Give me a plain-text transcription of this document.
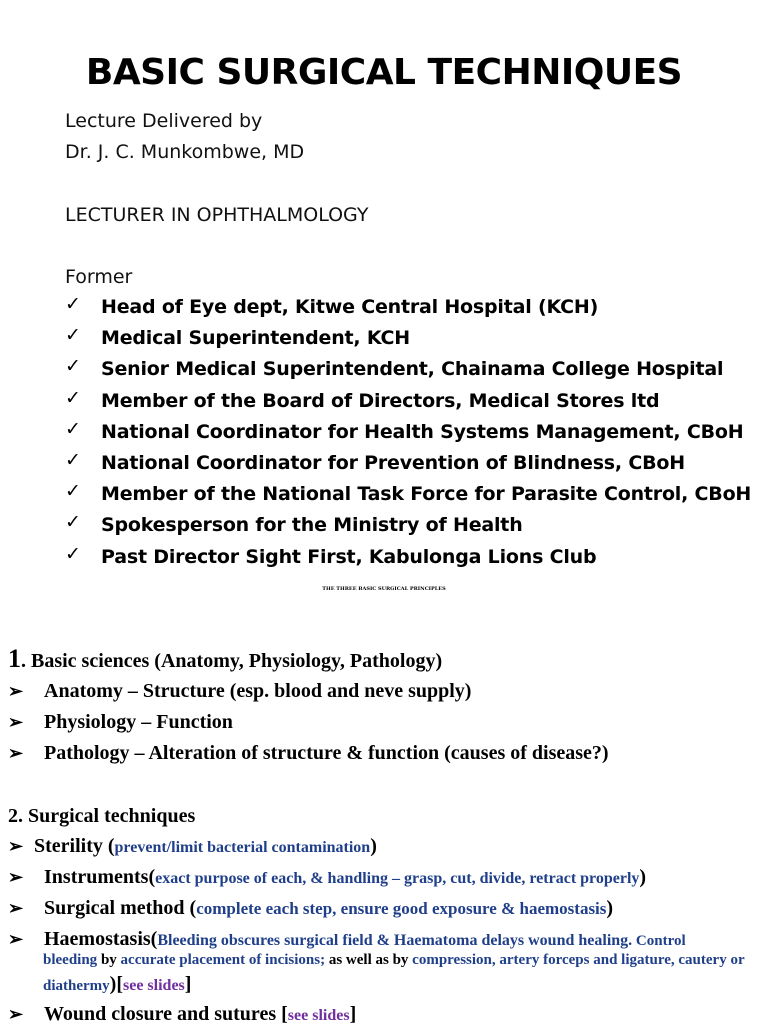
BASIC SURGICAL TECHNIQUES
Lecture Delivered by
Dr. J. C. Munkombwe, MD
LECTURER IN OPHTHALMOLOGY
Former
✓ Head of Eye dept, Kitwe Central Hospital (KCH)
✓ Medical Superintendent, KCH
✓ Senior Medical Superintendent, Chainama College Hospital
✓ Member of the Board of Directors, Medical Stores ltd
✓ National Coordinator for Health Systems Management, CBoH
✓ National Coordinator for Prevention of Blindness, CBoH
✓ Member of the National Task Force for Parasite Control, CBoH
✓ Spokesperson for the Ministry of Health
✓ Past Director Sight First, Kabulonga Lions Club
THE THREE BASIC SURGICAL PRINCIPLES
1. Basic sciences (Anatomy, Physiology, Pathology)
➢ Anatomy – Structure (esp. blood and neve supply)
➢ Physiology – Function
➢ Pathology – Alteration of structure & function (causes of disease?)
2. Surgical techniques
➢ Sterility (prevent/limit bacterial contamination)
➢ Instruments(exact purpose of each, & handling – grasp, cut, divide, retract properly)
➢ Surgical method (complete each step, ensure good exposure & haemostasis)
➢ Haemostasis(Bleeding obscures surgical field & Haematoma delays wound healing. Control
bleeding by accurate placement of incisions; as well as by compression, artery forceps and ligature, cautery or
diathermy)[see slides]
➢ Wound closure and sutures [see slides]
